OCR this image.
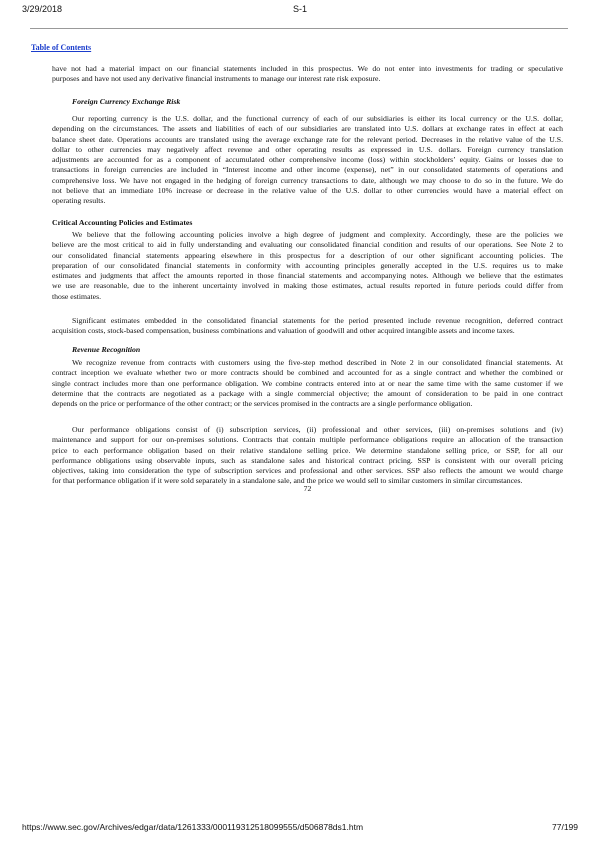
3/29/2018	S-1
Table of Contents
have not had a material impact on our financial statements included in this prospectus. We do not enter into investments for trading or speculative
purposes and have not used any derivative financial instruments to manage our interest rate risk exposure.
Foreign Currency Exchange Risk
Our reporting currency is the U.S. dollar, and the functional currency of each of our subsidiaries is either its local currency or the U.S. dollar,
depending on the circumstances. The assets and liabilities of each of our subsidiaries are translated into U.S. dollars at exchange rates in effect at each
balance sheet date. Operations accounts are translated using the average exchange rate for the relevant period. Decreases in the relative value of the U.S.
dollar to other currencies may negatively affect revenue and other operating results as expressed in U.S. dollars. Foreign currency translation
adjustments are accounted for as a component of accumulated other comprehensive income (loss) within stockholders’ equity. Gains or losses due to
transactions in foreign currencies are included in “Interest income and other income (expense), net” in our consolidated statements of operations and
comprehensive loss. We have not engaged in the hedging of foreign currency transactions to date, although we may choose to do so in the future. We do
not believe that an immediate 10% increase or decrease in the relative value of the U.S. dollar to other currencies would have a material effect on
operating results.
Critical Accounting Policies and Estimates
We believe that the following accounting policies involve a high degree of judgment and complexity. Accordingly, these are the policies we
believe are the most critical to aid in fully understanding and evaluating our consolidated financial condition and results of our operations. See Note 2 to
our consolidated financial statements appearing elsewhere in this prospectus for a description of our other significant accounting policies. The
preparation of our consolidated financial statements in conformity with accounting principles generally accepted in the U.S. requires us to make
estimates and judgments that affect the amounts reported in those financial statements and accompanying notes. Although we believe that the estimates
we use are reasonable, due to the inherent uncertainty involved in making those estimates, actual results reported in future periods could differ from
those estimates.
Significant estimates embedded in the consolidated financial statements for the period presented include revenue recognition, deferred contract
acquisition costs, stock-based compensation, business combinations and valuation of goodwill and other acquired intangible assets and income taxes.
Revenue Recognition
We recognize revenue from contracts with customers using the five-step method described in Note 2 in our consolidated financial statements. At
contract inception we evaluate whether two or more contracts should be combined and accounted for as a single contract and whether the combined or
single contract includes more than one performance obligation. We combine contracts entered into at or near the same time with the same customer if we
determine that the contracts are negotiated as a package with a single commercial objective; the amount of consideration to be paid in one contract
depends on the price or performance of the other contract; or the services promised in the contracts are a single performance obligation.
Our performance obligations consist of (i) subscription services, (ii) professional and other services, (iii) on-premises solutions and (iv)
maintenance and support for our on-premises solutions. Contracts that contain multiple performance obligations require an allocation of the transaction
price to each performance obligation based on their relative standalone selling price. We determine standalone selling price, or SSP, for all our
performance obligations using observable inputs, such as standalone sales and historical contract pricing. SSP is consistent with our overall pricing
objectives, taking into consideration the type of subscription services and professional and other services. SSP also reflects the amount we would charge
for that performance obligation if it were sold separately in a standalone sale, and the price we would sell to similar customers in similar circumstances.
72
https://www.sec.gov/Archives/edgar/data/1261333/000119312518099555/d506878ds1.htm	77/199
